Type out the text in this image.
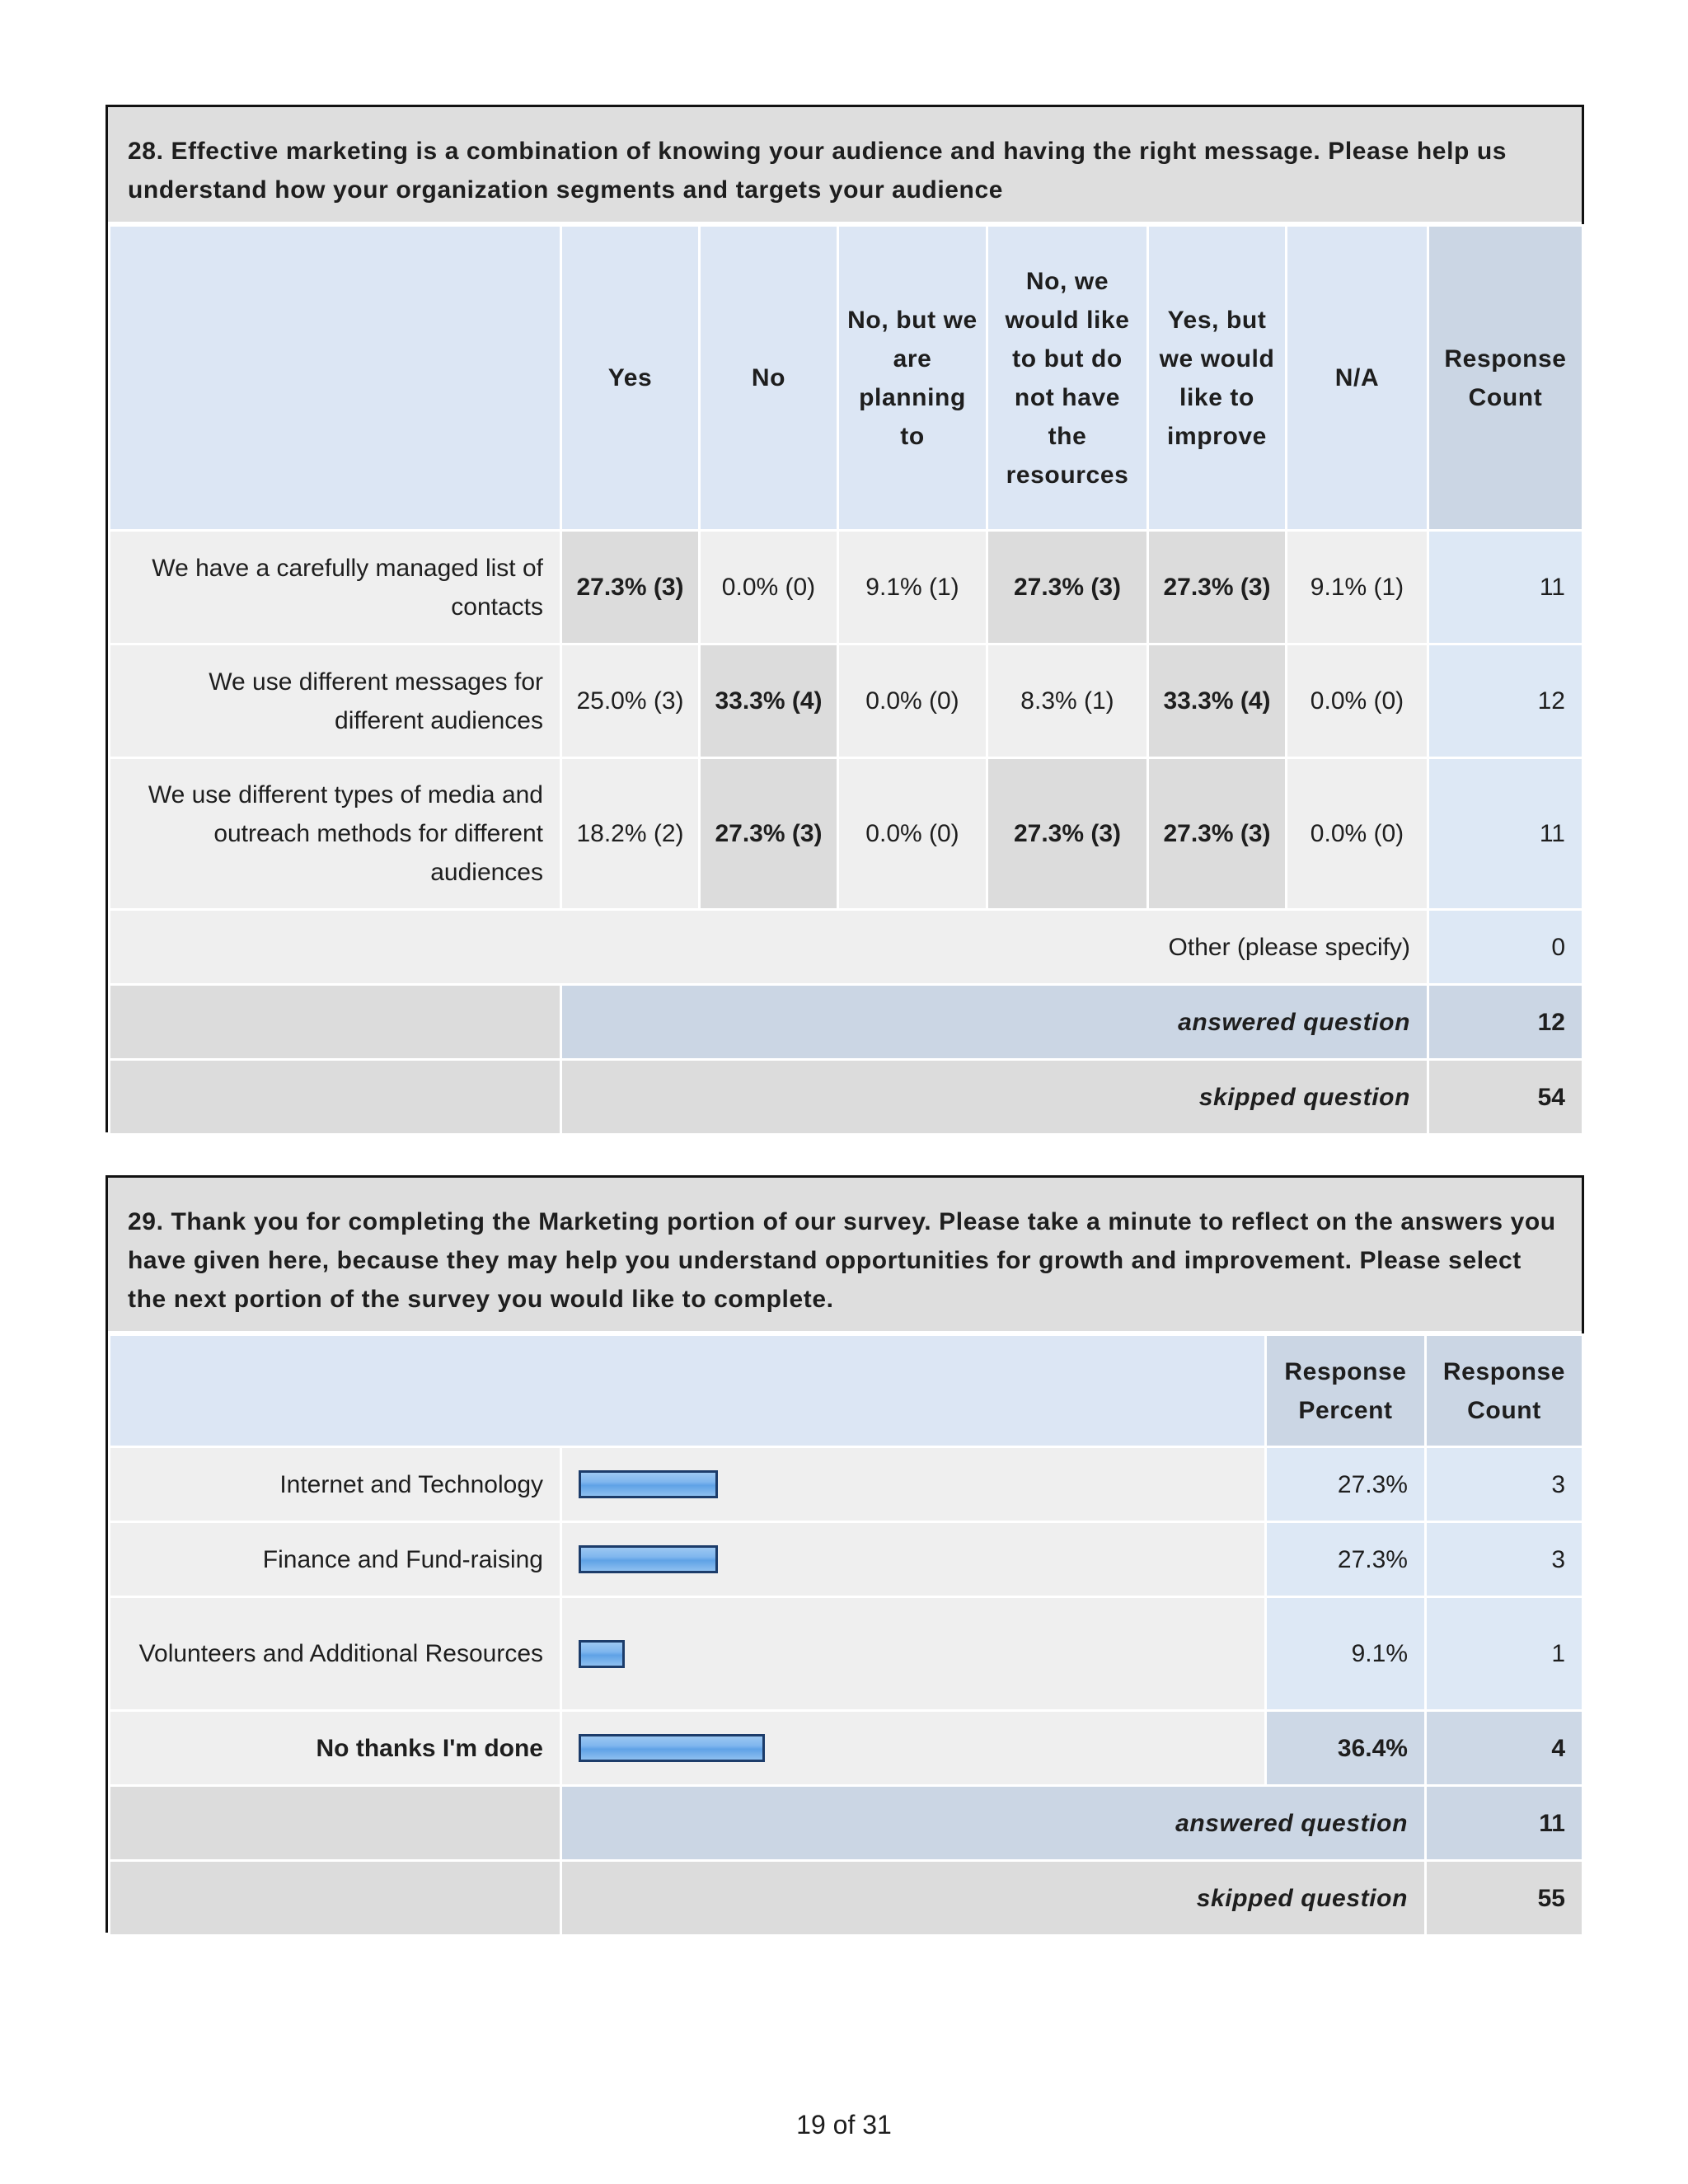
28. Effective marketing is a combination of knowing your audience and having the right message. Please help us understand how your organization segments and targets your audience
	Yes	No	No, but we are planning to	No, we would like to but do not have the resources	Yes, but we would like to improve	N/A	Response Count
We have a carefully managed list of contacts	27.3% (3)	0.0% (0)	9.1% (1)	27.3% (3)	27.3% (3)	9.1% (1)	11
We use different messages for different audiences	25.0% (3)	33.3% (4)	0.0% (0)	8.3% (1)	33.3% (4)	0.0% (0)	12
We use different types of media and outreach methods for different audiences	18.2% (2)	27.3% (3)	0.0% (0)	27.3% (3)	27.3% (3)	0.0% (0)	11
Other (please specify)							0
	answered question						12
	skipped question						54
29. Thank you for completing the Marketing portion of our survey. Please take a minute to reflect on the answers you have given here, because they may help you understand opportunities for growth and improvement. Please select the next portion of the survey you would like to complete.
		Response Percent	Response Count
Internet and Technology		27.3%	3
Finance and Fund-raising		27.3%	3
Volunteers and Additional Resources		9.1%	1
No thanks I'm done		36.4%	4
	answered question		11
	skipped question		55
19 of 31
